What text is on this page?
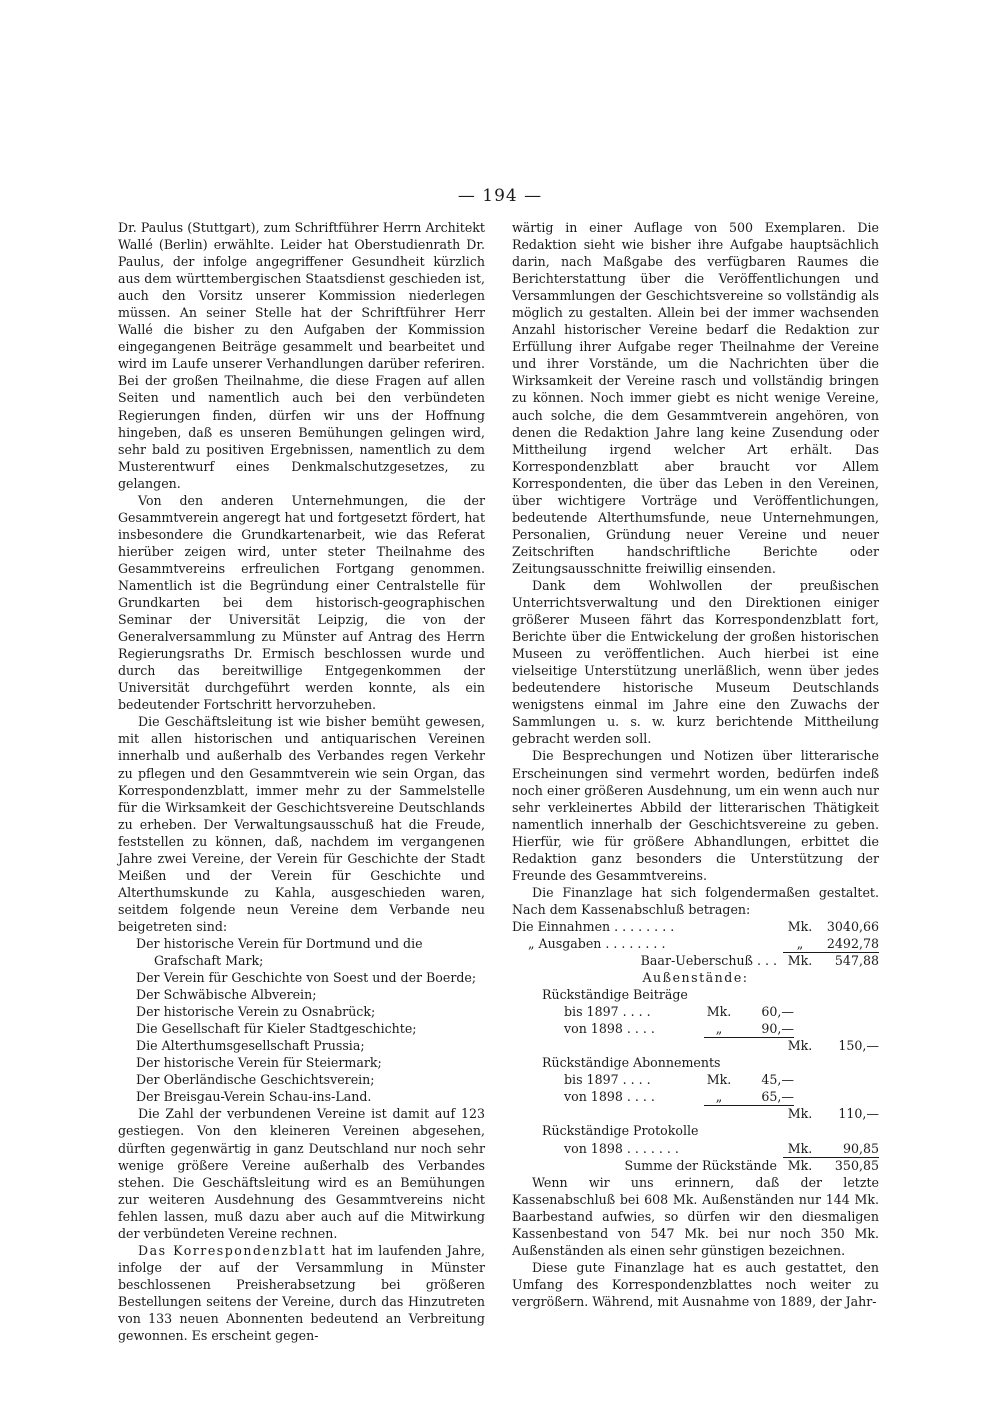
— 194 —

Dr. Paulus (Stuttgart), zum Schriftführer Herrn Architekt Wallé (Berlin) erwählte. Leider hat Oberstudienrath Dr. Paulus, der infolge angegriffener Gesundheit kürzlich aus dem württembergischen Staatsdienst geschieden ist, auch den Vorsitz unserer Kommission niederlegen müssen. An seiner Stelle hat der Schriftführer Herr Wallé die bisher zu den Aufgaben der Kommission eingegangenen Beiträge gesammelt und bearbeitet und wird im Laufe unserer Verhandlungen darüber referiren. Bei der großen Theilnahme, die diese Fragen auf allen Seiten und namentlich auch bei den verbündeten Regierungen finden, dürfen wir uns der Hoffnung hingeben, daß es unseren Bemühungen gelingen wird, sehr bald zu positiven Ergebnissen, namentlich zu dem Musterentwurf eines Denkmalschutzgesetzes, zu gelangen.

Von den anderen Unternehmungen, die der Gesammtverein angeregt hat und fortgesetzt fördert, hat insbesondere die Grundkartenarbeit, wie das Referat hierüber zeigen wird, unter steter Theilnahme des Gesammtvereins erfreulichen Fortgang genommen. Namentlich ist die Begründung einer Centralstelle für Grundkarten bei dem historisch-geographischen Seminar der Universität Leipzig, die von der Generalversammlung zu Münster auf Antrag des Herrn Regierungsraths Dr. Ermisch beschlossen wurde und durch das bereitwillige Entgegenkommen der Universität durchgeführt werden konnte, als ein bedeutender Fortschritt hervorzuheben.

Die Geschäftsleitung ist wie bisher bemüht gewesen, mit allen historischen und antiquarischen Vereinen innerhalb und außerhalb des Verbandes regen Verkehr zu pflegen und den Gesammtverein wie sein Organ, das Korrespondenzblatt, immer mehr zu der Sammelstelle für die Wirksamkeit der Geschichtsvereine Deutschlands zu erheben. Der Verwaltungsausschuß hat die Freude, feststellen zu können, daß, nachdem im vergangenen Jahre zwei Vereine, der Verein für Geschichte der Stadt Meißen und der Verein für Geschichte und Alterthumskunde zu Kahla, ausgeschieden waren, seitdem folgende neun Vereine dem Verbande neu beigetreten sind:

Der historische Verein für Dortmund und die Grafschaft Mark;

Der Verein für Geschichte von Soest und der Boerde;

Der Schwäbische Albverein;

Der historische Verein zu Osnabrück;

Die Gesellschaft für Kieler Stadtgeschichte;

Die Alterthumsgesellschaft Prussia;

Der historische Verein für Steiermark;

Der Oberländische Geschichtsverein;

Der Breisgau-Verein Schau-ins-Land.

Die Zahl der verbundenen Vereine ist damit auf 123 gestiegen. Von den kleineren Vereinen abgesehen, dürften gegenwärtig in ganz Deutschland nur noch sehr wenige größere Vereine außerhalb des Verbandes stehen. Die Geschäftsleitung wird es an Bemühungen zur weiteren Ausdehnung des Gesammtvereins nicht fehlen lassen, muß dazu aber auch auf die Mitwirkung der verbündeten Vereine rechnen.

Das Korrespondenzblatt hat im laufenden Jahre, infolge der auf der Versammlung in Münster beschlossenen Preisherabsetzung bei größeren Bestellungen seitens der Vereine, durch das Hinzutreten von 133 neuen Abonnenten bedeutend an Verbreitung gewonnen. Es erscheint gegen-

wärtig in einer Auflage von 500 Exemplaren. Die Redaktion sieht wie bisher ihre Aufgabe hauptsächlich darin, nach Maßgabe des verfügbaren Raumes die Berichterstattung über die Veröffentlichungen und Versammlungen der Geschichtsvereine so vollständig als möglich zu gestalten. Allein bei der immer wachsenden Anzahl historischer Vereine bedarf die Redaktion zur Erfüllung ihrer Aufgabe reger Theilnahme der Vereine und ihrer Vorstände, um die Nachrichten über die Wirksamkeit der Vereine rasch und vollständig bringen zu können. Noch immer giebt es nicht wenige Vereine, auch solche, die dem Gesammtverein angehören, von denen die Redaktion Jahre lang keine Zusendung oder Mittheilung irgend welcher Art erhält. Das Korrespondenzblatt aber braucht vor Allem Korrespondenten, die über das Leben in den Vereinen, über wichtigere Vorträge und Veröffentlichungen, bedeutende Alterthumsfunde, neue Unternehmungen, Personalien, Gründung neuer Vereine und neuer Zeitschriften handschriftliche Berichte oder Zeitungsausschnitte freiwillig einsenden.

Dank dem Wohlwollen der preußischen Unterrichtsverwaltung und den Direktionen einiger größerer Museen fährt das Korrespondenzblatt fort, Berichte über die Entwickelung der großen historischen Museen zu veröffentlichen. Auch hierbei ist eine vielseitige Unterstützung unerläßlich, wenn über jedes bedeutendere historische Museum Deutschlands wenigstens einmal im Jahre eine den Zuwachs der Sammlungen u. s. w. kurz berichtende Mittheilung gebracht werden soll.

Die Besprechungen und Notizen über litterarische Erscheinungen sind vermehrt worden, bedürfen indeß noch einer größeren Ausdehnung, um ein wenn auch nur sehr verkleinertes Abbild der litterarischen Thätigkeit namentlich innerhalb der Geschichtsvereine zu geben. Hierfür, wie für größere Abhandlungen, erbittet die Redaktion ganz besonders die Unterstützung der Freunde des Gesammtvereins.

Die Finanzlage hat sich folgendermaßen gestaltet. Nach dem Kassenabschluß betragen:

Die Einnahmen . . . . . . . .	Mk.	3040,66
„ Ausgaben . . . . . . . .	„	2492,78
Baar-Ueberschuß . . . Mk.	547,88

Außenstände:

Rückständige Beiträge

bis 1897 . . . .	Mk.	60,—
von 1898 . . . .	„	90,—
Mk.	150,—

Rückständige Abonnements

bis 1897 . . . .	Mk.	45,—
von 1898 . . . .	„	65,—
Mk.	110,—

Rückständige Protokolle

von 1898 . . . . . . .	Mk.	90,85
Summe der Rückstände Mk.	350,85

Wenn wir uns erinnern, daß der letzte Kassenabschluß bei 608 Mk. Außenständen nur 144 Mk. Baarbestand aufwies, so dürfen wir den diesmaligen Kassenbestand von 547 Mk. bei nur noch 350 Mk. Außenständen als einen sehr günstigen bezeichnen.

Diese gute Finanzlage hat es auch gestattet, den Umfang des Korrespondenzblattes noch weiter zu vergrößern. Während, mit Ausnahme von 1889, der Jahr-
